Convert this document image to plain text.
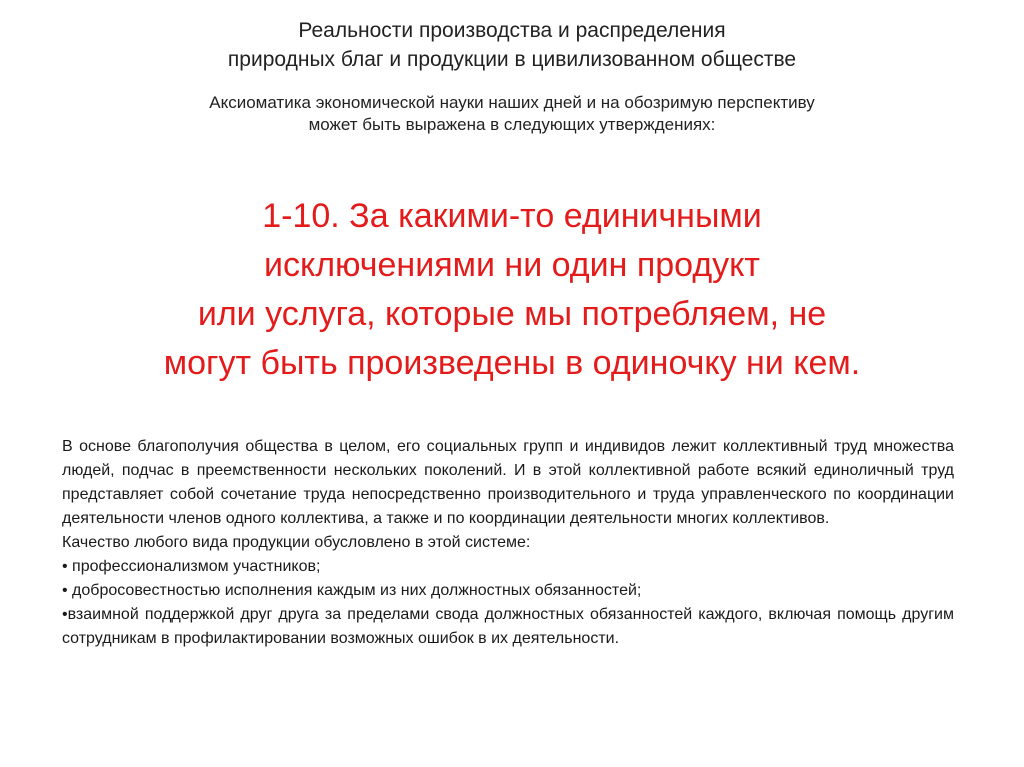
Реальности производства и распределения
природных благ и продукции в цивилизованном обществе
Аксиоматика экономической науки наших дней и на обозримую перспективу
может быть выражена в следующих утверждениях:
1-10. За какими-то единичными
исключениями ни один продукт
или услуга, которые мы потребляем, не
могут быть произведены в одиночку ни кем.
В основе благополучия общества в целом, его социальных групп и индивидов лежит коллективный труд множества людей, подчас в преемственности нескольких поколений. И в этой коллективной работе всякий единоличный труд представляет собой сочетание труда непосредственно производительного и труда управленческого по координации деятельности членов одного коллектива, а также и по координации деятельности многих коллективов.
Качество любого вида продукции обусловлено в этой системе:
• профессионализмом участников;
• добросовестностью исполнения каждым из них должностных обязанностей;
•взаимной поддержкой друг друга за пределами свода должностных обязанностей каждого, включая помощь другим сотрудникам в профилактировании возможных ошибок в их деятельности.
